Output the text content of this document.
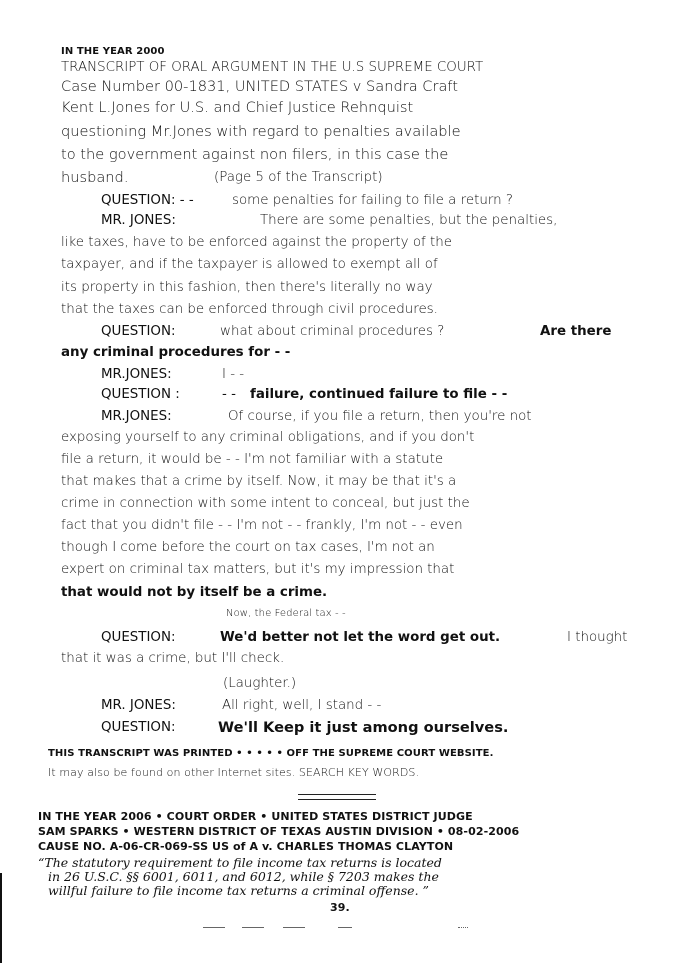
IN THE YEAR 2000
TRANSCRIPT OF ORAL ARGUMENT IN THE U.S SUPREME COURT
Case Number 00-1831, UNITED STATES v Sandra Craft
Kent L.Jones for U.S. and Chief Justice Rehnquist
questioning Mr.Jones with regard to penalties available
to the government against non filers, in this case the
husband.	(Page 5 of the Transcript)
QUESTION: - -	some penalties for failing to file a return ?
MR. JONES:	There are some penalties, but the penalties,
like taxes, have to be enforced against the property of the
taxpayer, and if the taxpayer is allowed to exempt all of
its property in this fashion, then there's literally no way
that the taxes can be enforced through civil procedures.
QUESTION:	what about criminal procedures ?	Are there
any criminal procedures for - -
MR.JONES:	I - -
QUESTION :	- - failure, continued failure to file - -
MR.JONES:	Of course, if you file a return, then you're not
exposing yourself to any criminal obligations, and if you don't
file a return, it would be - - I'm not familiar with a statute
that makes that a crime by itself. Now, it may be that it's a
crime in connection with some intent to conceal, but just the
fact that you didn't file - - I'm not - - frankly, I'm not - - even
though I come before the court on tax cases, I'm not an
expert on criminal tax matters, but it's my impression that
that would not by itself be a crime.
Now, the Federal tax - -
QUESTION:	We'd better not let the word get out.	I thought
that it was a crime, but I'll check.
(Laughter.)
MR. JONES:	All right, well, I stand - -
QUESTION:	We'll Keep it just among ourselves.
THIS TRANSCRIPT WAS PRINTED • • • • • OFF THE SUPREME COURT WEBSITE.
It may also be found on other Internet sites. SEARCH KEY WORDS.
IN THE YEAR 2006 • COURT ORDER • UNITED STATES DISTRICT JUDGE
SAM SPARKS • WESTERN DISTRICT OF TEXAS AUSTIN DIVISION • 08-02-2006
CAUSE NO. A-06-CR-069-SS US of A v. CHARLES THOMAS CLAYTON
“The statutory requirement to file income tax returns is located
in 26 U.S.C. §§ 6001, 6011, and 6012, while § 7203 makes the
willful failure to file income tax returns a criminal offense. ”
39.
